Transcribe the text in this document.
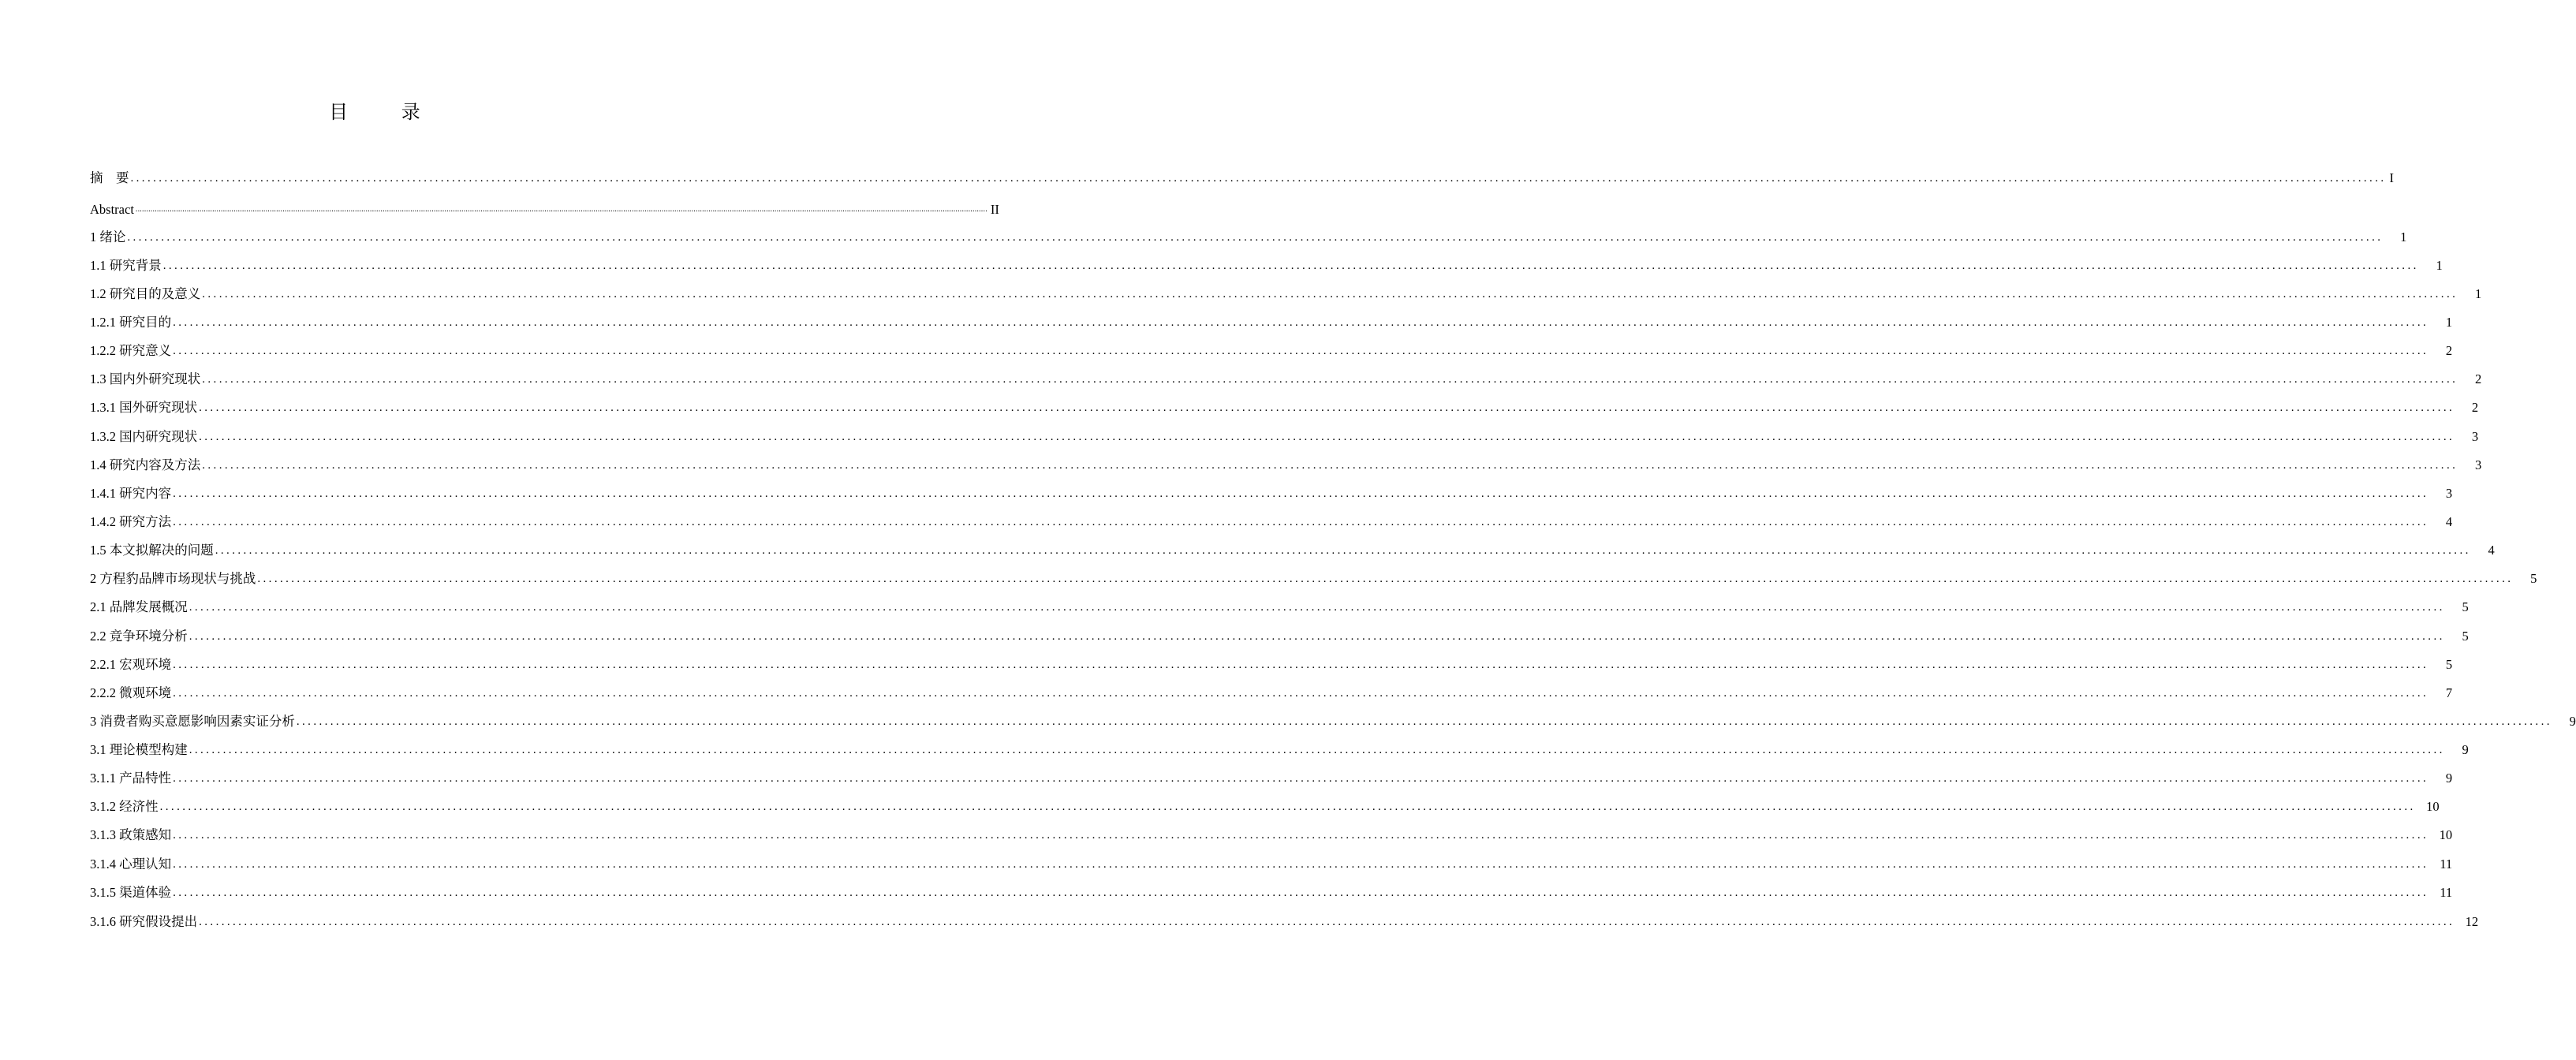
目 录
摘　要 ................................................................................................................................................................................................................................................................................................................................................................................................................ I
Abstract ................................................................................................................................................................................................................................................................................................................................................................................................................ II
1 绪论 ................................................................................................................................................................................................................................................................................................................................................................................................................	1
1.1 研究背景 ................................................................................................................................................................................................................................................................................................................................................................................................................	1
1.2 研究目的及意义 ................................................................................................................................................................................................................................................................................................................................................................................................................	1
1.2.1 研究目的 ................................................................................................................................................................................................................................................................................................................................................................................................................	1
1.2.2 研究意义 ................................................................................................................................................................................................................................................................................................................................................................................................................	2
1.3 国内外研究现状 ................................................................................................................................................................................................................................................................................................................................................................................................................	2
1.3.1 国外研究现状 ................................................................................................................................................................................................................................................................................................................................................................................................................	2
1.3.2 国内研究现状 ................................................................................................................................................................................................................................................................................................................................................................................................................	3
1.4 研究内容及方法 ................................................................................................................................................................................................................................................................................................................................................................................................................	3
1.4.1 研究内容 ................................................................................................................................................................................................................................................................................................................................................................................................................	3
1.4.2 研究方法 ................................................................................................................................................................................................................................................................................................................................................................................................................	4
1.5 本文拟解决的问题 ................................................................................................................................................................................................................................................................................................................................................................................................................	4
2 方程豹品牌市场现状与挑战 ................................................................................................................................................................................................................................................................................................................................................................................................................	5
2.1 品牌发展概况 ................................................................................................................................................................................................................................................................................................................................................................................................................	5
2.2 竞争环境分析 ................................................................................................................................................................................................................................................................................................................................................................................................................	5
2.2.1 宏观环境 ................................................................................................................................................................................................................................................................................................................................................................................................................	5
2.2.2 微观环境 ................................................................................................................................................................................................................................................................................................................................................................................................................	7
3 消费者购买意愿影响因素实证分析 ................................................................................................................................................................................................................................................................................................................................................................................................................	9
3.1 理论模型构建 ................................................................................................................................................................................................................................................................................................................................................................................................................	9
3.1.1 产品特性 ................................................................................................................................................................................................................................................................................................................................................................................................................	9
3.1.2 经济性 ................................................................................................................................................................................................................................................................................................................................................................................................................ 10
3.1.3 政策感知 ................................................................................................................................................................................................................................................................................................................................................................................................................ 10
3.1.4 心理认知 ................................................................................................................................................................................................................................................................................................................................................................................................................ 11
3.1.5 渠道体验 ................................................................................................................................................................................................................................................................................................................................................................................................................ 11
3.1.6 研究假设提出 ................................................................................................................................................................................................................................................................................................................................................................................................................ 12
